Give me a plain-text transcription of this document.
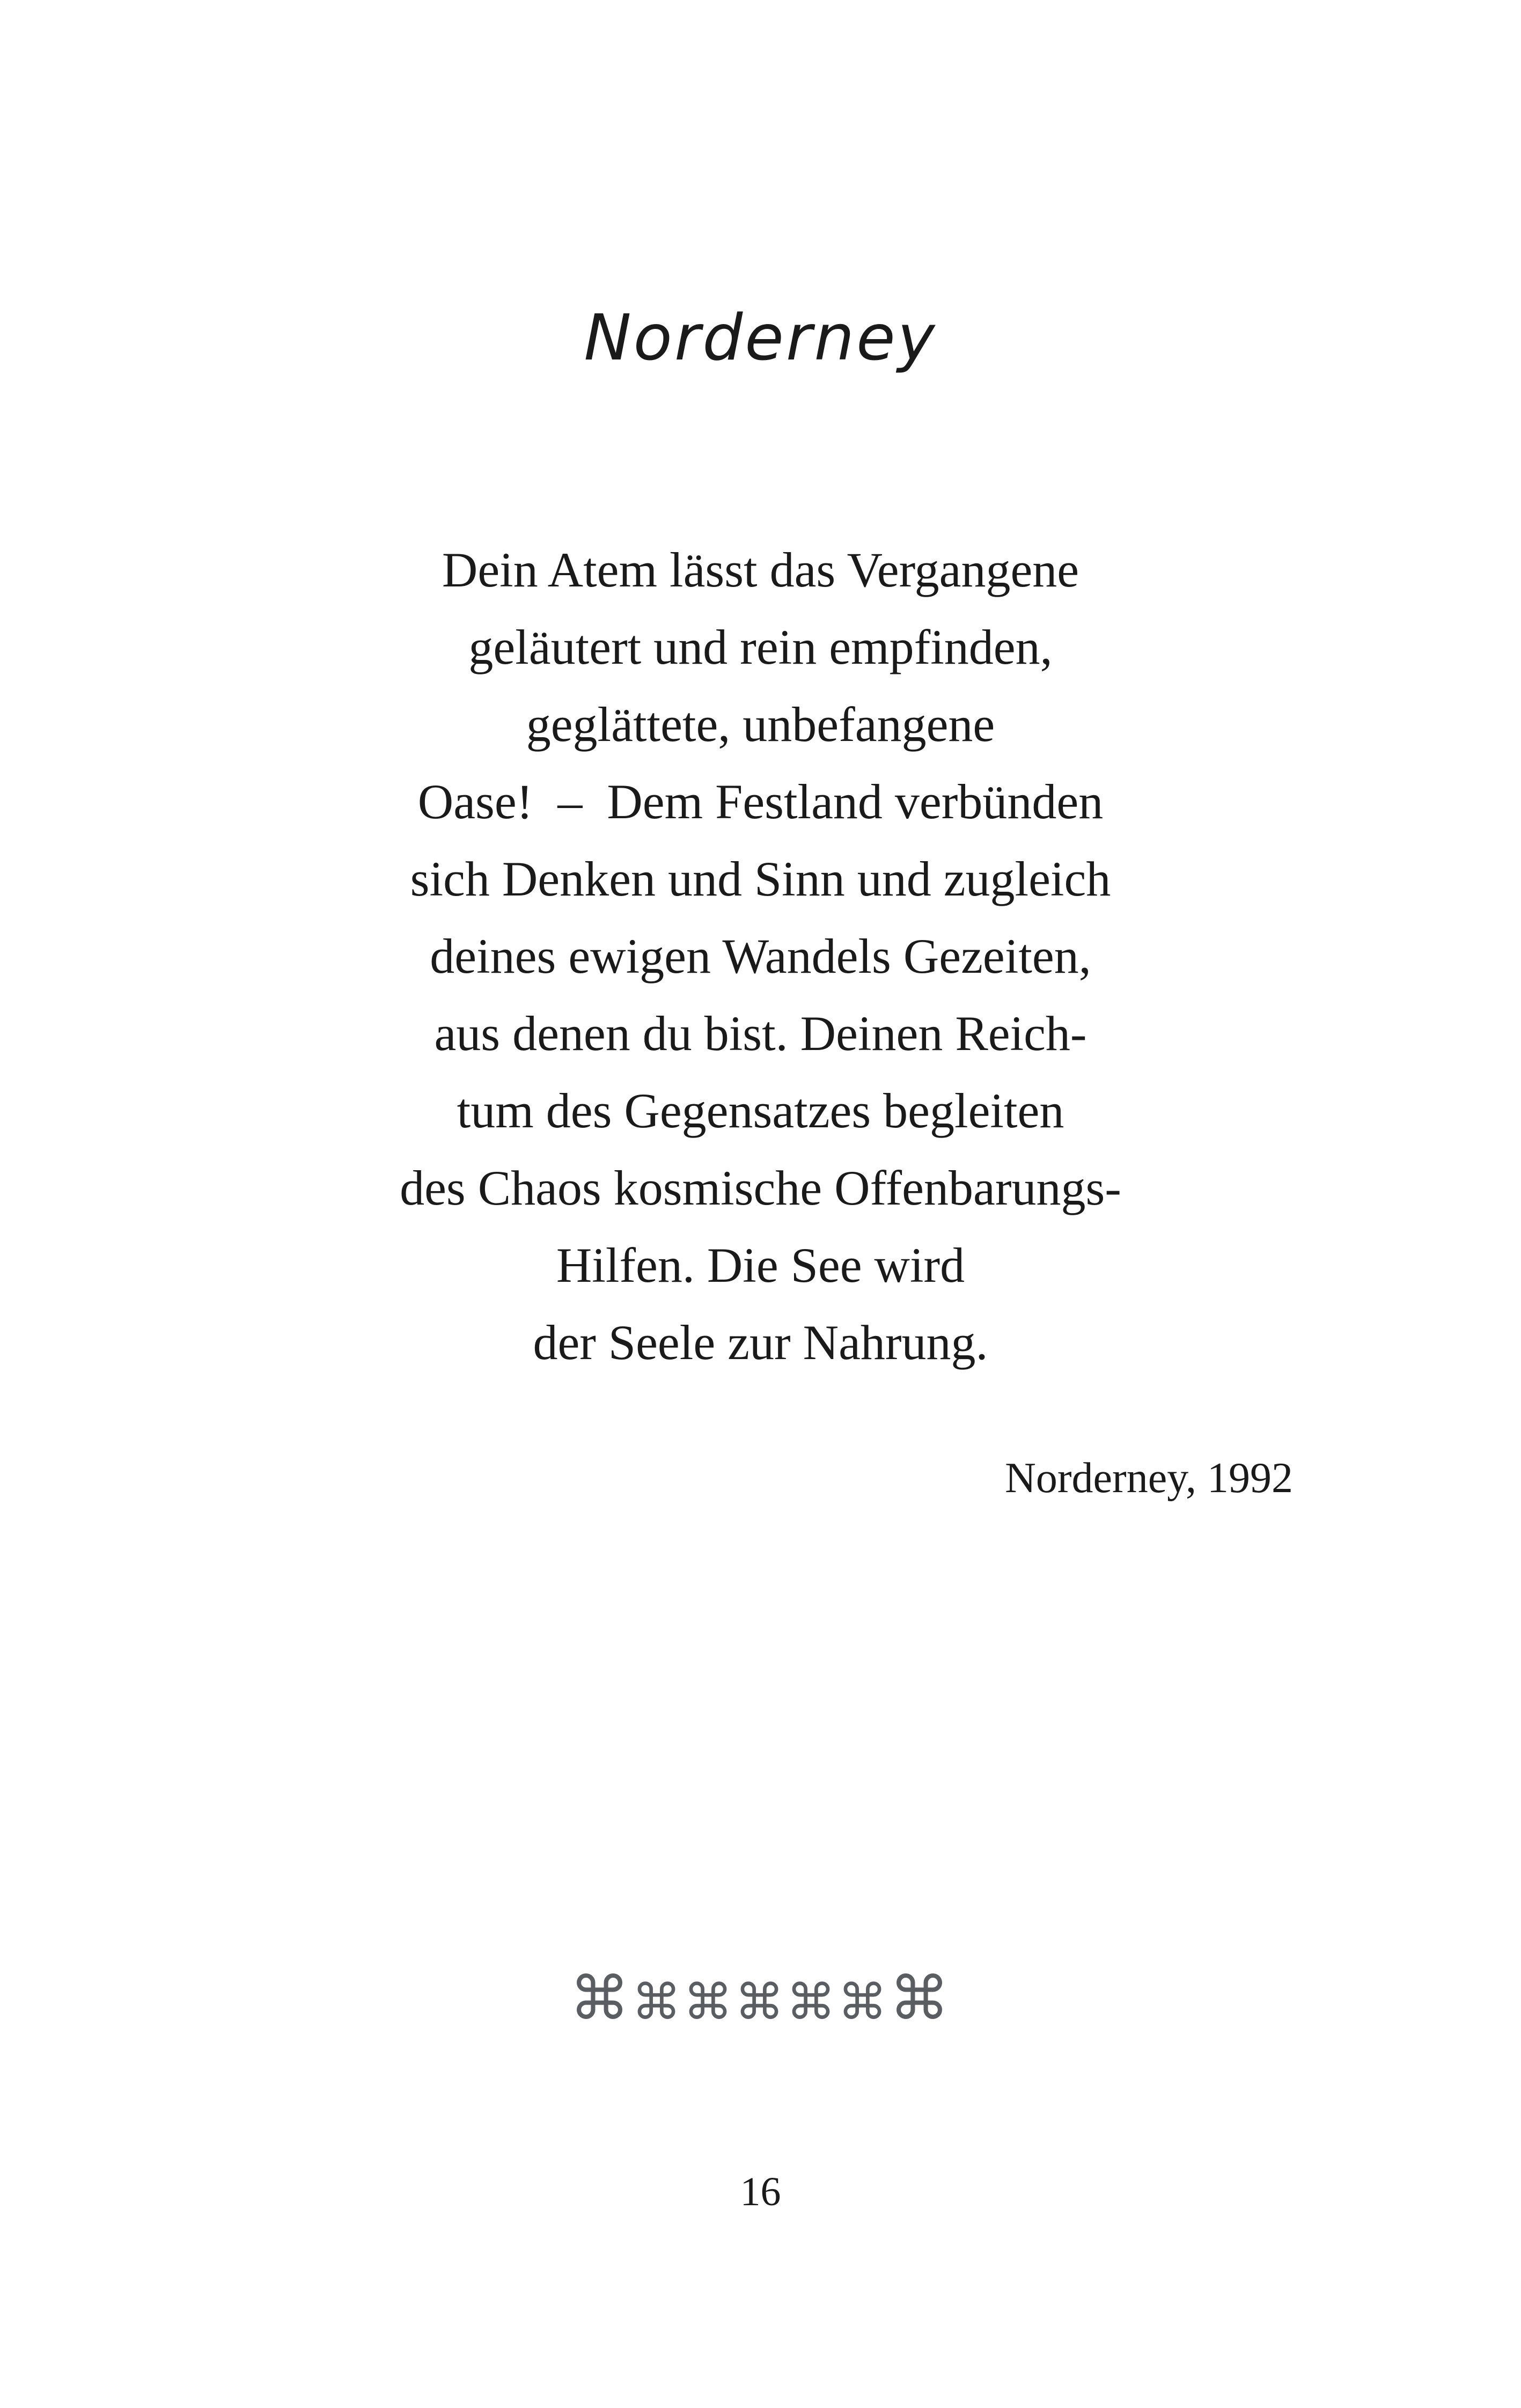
Norderney
Dein Atem lässt das Vergangene
geläutert und rein empfinden,
geglättete, unbefangene
Oase!  –  Dem Festland verbünden
sich Denken und Sinn und zugleich
deines ewigen Wandels Gezeiten,
aus denen du bist. Deinen Reich-
tum des Gegensatzes begleiten
des Chaos kosmische Offenbarungs-
Hilfen. Die See wird
der Seele zur Nahrung.
Norderney, 1992
⌘⌘⌘⌘⌘⌘⌘
16
